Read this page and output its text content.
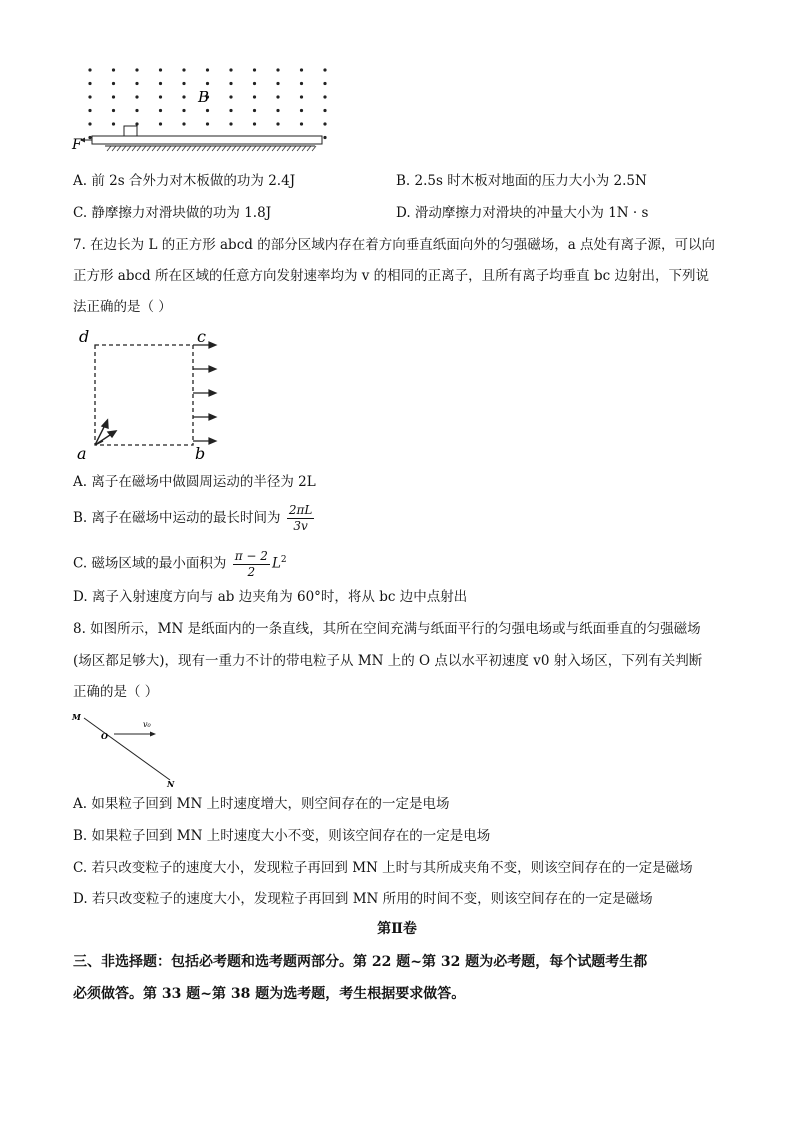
B
F
A. 前 2s 合外力对木板做的功为 2.4J	B. 2.5s 时木板对地面的压力大小为 2.5N
C. 静摩擦力对滑块做的功为 1.8J	D. 滑动摩擦力对滑块的冲量大小为 1N · s
7. 在边长为 L 的正方形 abcd 的部分区域内存在着方向垂直纸面向外的匀强磁场，a 点处有离子源，可以向
正方形 abcd 所在区域的任意方向发射速率均为 v 的相同的正离子，且所有离子均垂直 bc 边射出，下列说
法正确的是（ ）
d	c
a	b
A. 离子在磁场中做圆周运动的半径为 2L
B. 离子在磁场中运动的最长时间为 $\frac{2\pi L}{3v}$
C. 磁场区域的最小面积为 $\frac{\pi - 2}{2} L^2$
D. 离子入射速度方向与 ab 边夹角为 60°时，将从 bc 边中点射出
8. 如图所示，MN 是纸面内的一条直线，其所在空间充满与纸面平行的匀强电场或与纸面垂直的匀强磁场
(场区都足够大)，现有一重力不计的带电粒子从 MN 上的 O 点以水平初速度 v0 射入场区，下列有关判断
正确的是（ ）
M
N
O
v₀
A. 如果粒子回到 MN 上时速度增大，则空间存在的一定是电场
B. 如果粒子回到 MN 上时速度大小不变，则该空间存在的一定是电场
C. 若只改变粒子的速度大小，发现粒子再回到 MN 上时与其所成夹角不变，则该空间存在的一定是磁场
D. 若只改变粒子的速度大小，发现粒子再回到 MN 所用的时间不变，则该空间存在的一定是磁场
第Ⅱ卷
三、非选择题：包括必考题和选考题两部分。第 22 题~第 32 题为必考题，每个试题考生都
必须做答。第 33 题~第 38 题为选考题，考生根据要求做答。
